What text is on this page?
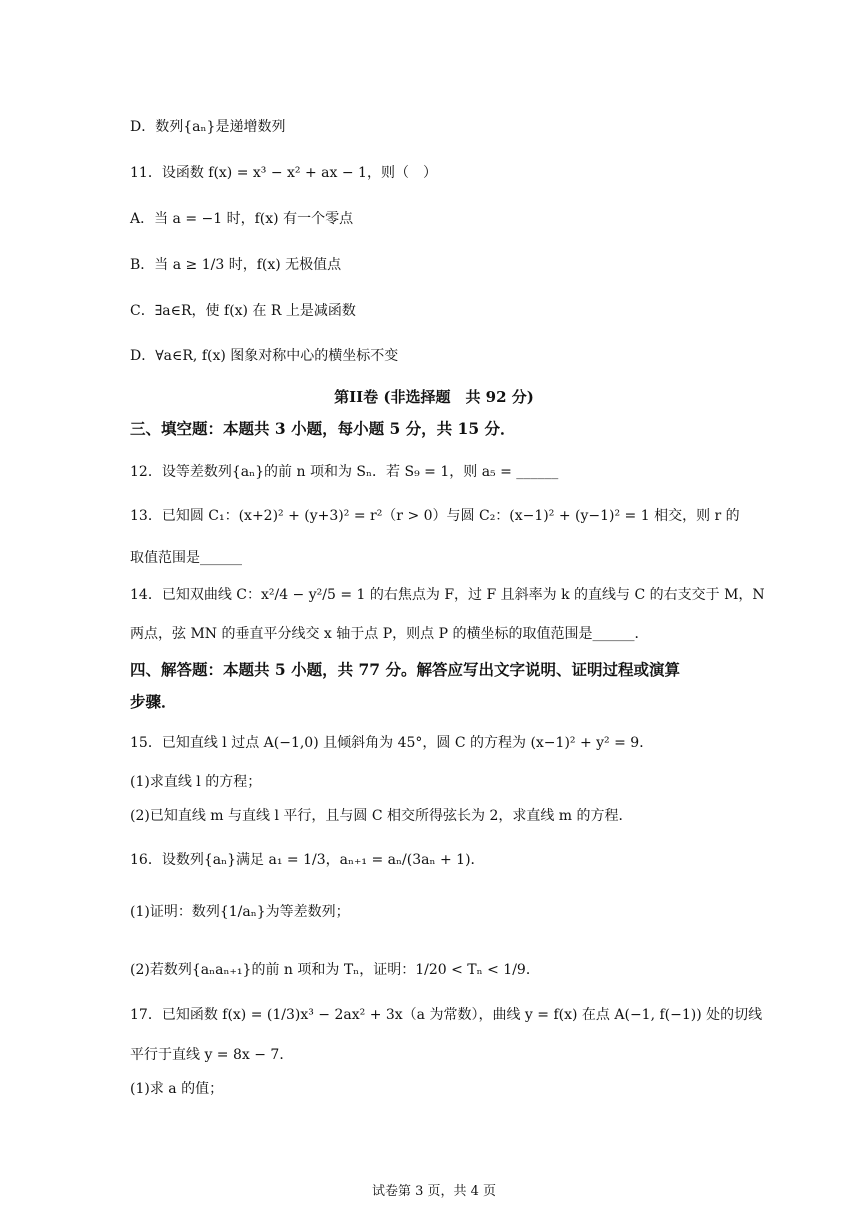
D．数列{aₙ}是递增数列
11．设函数 f(x) = x³ − x² + ax − 1，则（　）
A．当 a = −1 时，f(x) 有一个零点
B．当 a ≥ 1/3 时，f(x) 无极值点
C．∃a∈R，使 f(x) 在 R 上是减函数
D．∀a∈R, f(x) 图象对称中心的横坐标不变
第II卷 (非选择题　共 92 分)
三、填空题：本题共 3 小题，每小题 5 分，共 15 分．
12．设等差数列{aₙ}的前 n 项和为 Sₙ．若 S₉ = 1，则 a₅ = ______
13．已知圆 C₁：(x+2)² + (y+3)² = r²（r > 0）与圆 C₂：(x−1)² + (y−1)² = 1 相交，则 r 的
取值范围是______
14．已知双曲线 C：x²/4 − y²/5 = 1 的右焦点为 F，过 F 且斜率为 k 的直线与 C 的右支交于 M，N
两点，弦 MN 的垂直平分线交 x 轴于点 P，则点 P 的横坐标的取值范围是______．
四、解答题：本题共 5 小题，共 77 分。解答应写出文字说明、证明过程或演算
步骤．
15．已知直线 l 过点 A(−1,0) 且倾斜角为 45°，圆 C 的方程为 (x−1)² + y² = 9．
(1)求直线 l 的方程；
(2)已知直线 m 与直线 l 平行，且与圆 C 相交所得弦长为 2，求直线 m 的方程．
16．设数列{aₙ}满足 a₁ = 1/3，aₙ₊₁ = aₙ/(3aₙ + 1)．
(1)证明：数列{1/aₙ}为等差数列；
(2)若数列{aₙaₙ₊₁}的前 n 项和为 Tₙ，证明：1/20 < Tₙ < 1/9．
17．已知函数 f(x) = (1/3)x³ − 2ax² + 3x（a 为常数），曲线 y = f(x) 在点 A(−1, f(−1)) 处的切线
平行于直线 y = 8x − 7．
(1)求 a 的值；
试卷第 3 页，共 4 页
